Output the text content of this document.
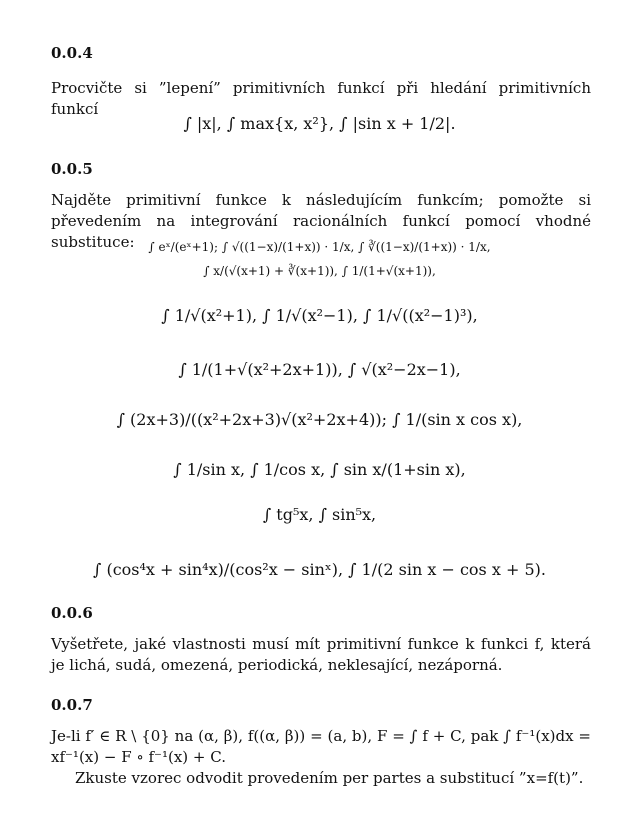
0.0.4
Procvičte si ”lepení” primitivních funkcí při hledání primitivních funkcí
∫ |x|, ∫ max{x, x²}, ∫ |sin x + 1/2|.
0.0.5
Najděte primitivní funkce k následujícím funkcím; pomožte si převedením na integrování racionálních funkcí pomocí vhodné substituce:	∫ eˣ/(eˣ+1); ∫ √((1−x)/(1+x)) · 1/x, ∫ ∛((1−x)/(1+x)) · 1/x,
∫ x/(√(x+1) + ∛(x+1)), ∫ 1/(1+√(x+1)),
∫ 1/√(x²+1), ∫ 1/√(x²−1), ∫ 1/√((x²−1)³),
∫ 1/(1+√(x²+2x+1)), ∫ √(x²−2x−1),
∫ (2x+3)/((x²+2x+3)√(x²+2x+4)); ∫ 1/(sin x cos x),
∫ 1/sin x, ∫ 1/cos x, ∫ sin x/(1+sin x),
∫ tg⁵x, ∫ sin⁵x,
∫ (cos⁴x + sin⁴x)/(cos²x − sinˣ), ∫ 1/(2 sin x − cos x + 5).
0.0.6
Vyšetřete, jaké vlastnosti musí mít primitivní funkce k funkci f, která je lichá, sudá, omezená, periodická, neklesající, nezáporná.
0.0.7
Je-li f′ ∈ R \ {0} na (α, β), f((α, β)) = (a, b), F = ∫ f + C, pak ∫ f⁻¹(x)dx = xf⁻¹(x) − F ∘ f⁻¹(x) + C.
Zkuste vzorec odvodit provedením per partes a substitucí ”x=f(t)”.
